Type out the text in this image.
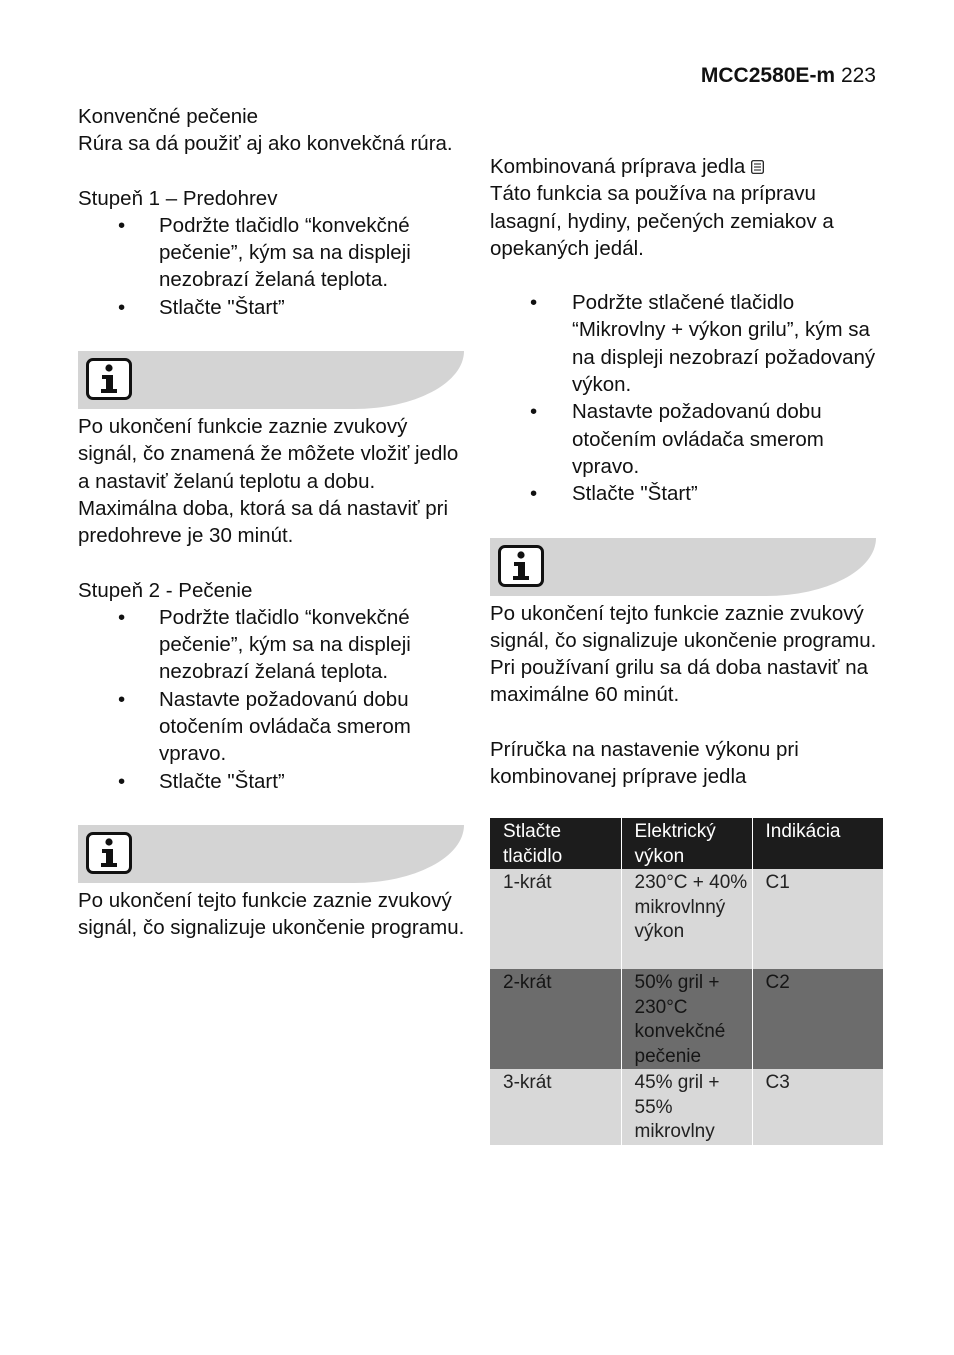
MCC2580E-m 223
Konvenčné pečenie

Rúra sa dá použiť aj ako konvekčná rúra.

Stupeň 1 – Predohrev
• Podržte tlačidlo “konvekčné pečenie”, kým sa na displeji nezobrazí želaná teplota.
• Stlačte "Štart”

Po ukončení funkcie zaznie zvukový signál, čo znamená že môžete vložiť jedlo a nastaviť želanú teplotu a dobu. Maximálna doba, ktorá sa dá nastaviť pri predohreve je 30 minút.

Stupeň 2 - Pečenie
• Podržte tlačidlo “konvekčné pečenie”, kým sa na displeji nezobrazí želaná teplota.
• Nastavte požadovanú dobu otočením ovládača smerom vpravo.
• Stlačte "Štart”

Po ukončení tejto funkcie zaznie zvukový signál, čo signalizuje ukončenie programu.

Kombinovaná príprava jedla

Táto funkcia sa používa na prípravu lasagní, hydiny, pečených zemiakov a opekaných jedál.

• Podržte stlačené tlačidlo “Mikrovlny + výkon grilu”, kým sa na displeji nezobrazí požadovaný výkon.
• Nastavte požadovanú dobu otočením ovládača smerom vpravo.
• Stlačte "Štart”

Po ukončení tejto funkcie zaznie zvukový signál, čo signalizuje ukončenie programu.

Pri používaní grilu sa dá doba nastaviť na maximálne 60 minút.

Príručka na nastavenie výkonu pri kombinovanej príprave jedla
Stlačte tlačidlo	Elektrický výkon	Indikácia
1-krát	230°C + 40% mikrovlnný výkon	C1
2-krát	50% gril + 230°C konvekčné pečenie	C2
3-krát	45% gril + 55% mikrovlny	C3
